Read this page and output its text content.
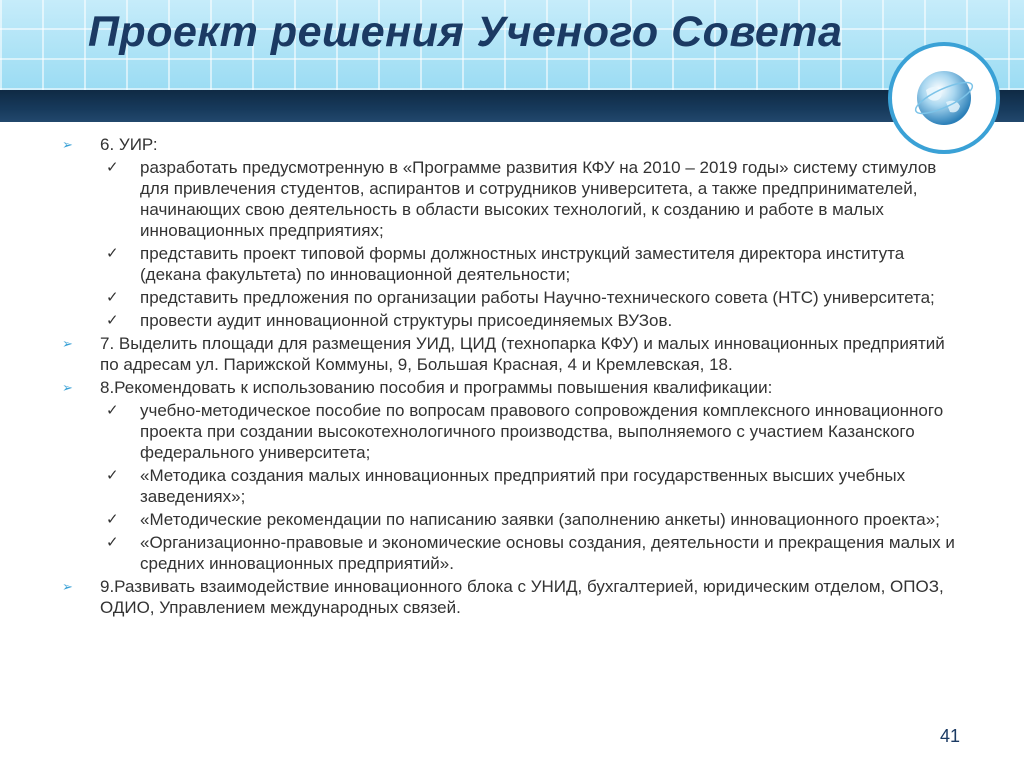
Проект решения Ученого Совета
➢ 6. УИР:
✓ разработать предусмотренную в «Программе развития КФУ на 2010 – 2019 годы» систему стимулов для привлечения студентов, аспирантов и сотрудников университета, а также предпринимателей, начинающих свою деятельность в области высоких технологий, к созданию и работе в малых инновационных предприятиях;
✓ представить проект типовой формы должностных инструкций заместителя директора института (декана факультета) по инновационной деятельности;
✓ представить предложения по организации работы Научно-технического совета (НТС) университета;
✓ провести аудит инновационной структуры присоединяемых ВУЗов.
➢ 7. Выделить площади для размещения УИД, ЦИД (технопарка КФУ) и малых инновационных предприятий по адресам ул. Парижской Коммуны, 9, Большая Красная, 4 и Кремлевская, 18.
➢ 8.Рекомендовать к использованию пособия и программы повышения квалификации:
✓ учебно-методическое пособие по вопросам правового сопровождения комплексного инновационного проекта при создании высокотехнологичного производства, выполняемого с участием Казанского федерального университета;
✓ «Методика создания малых инновационных предприятий при государственных высших учебных заведениях»;
✓ «Методические рекомендации по написанию заявки (заполнению анкеты) инновационного проекта»;
✓ «Организационно-правовые и экономические основы создания, деятельности и прекращения малых и средних инновационных предприятий».
➢ 9.Развивать взаимодействие инновационного блока с УНИД, бухгалтерией, юридическим отделом, ОПОЗ, ОДИО, Управлением международных связей.
41
